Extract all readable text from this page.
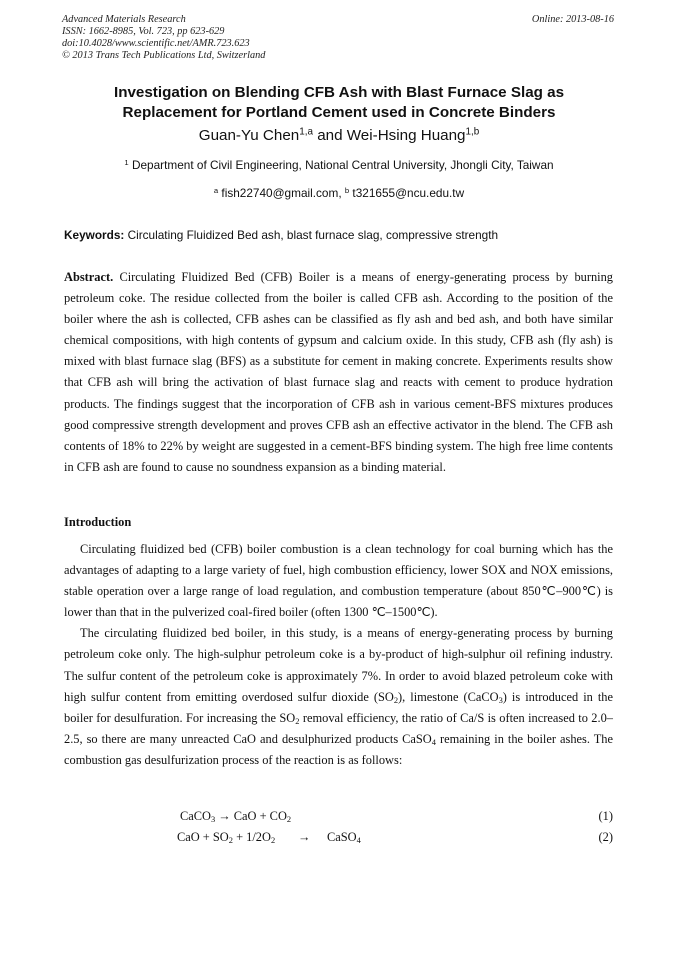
Advanced Materials Research
ISSN: 1662-8985, Vol. 723, pp 623-629
doi:10.4028/www.scientific.net/AMR.723.623
© 2013 Trans Tech Publications Ltd, Switzerland
Online: 2013-08-16
Investigation on Blending CFB Ash with Blast Furnace Slag as
Replacement for Portland Cement used in Concrete Binders
Guan-Yu Chen$^{1,a}$ and Wei-Hsing Huang$^{1,b}$
$^1$ Department of Civil Engineering, National Central University, Jhongli City, Taiwan
$^a$ fish22740@gmail.com, $^b$ t321655@ncu.edu.tw
Keywords: Circulating Fluidized Bed ash, blast furnace slag, compressive strength
Abstract. Circulating Fluidized Bed (CFB) Boiler is a means of energy-generating process by burning petroleum coke. The residue collected from the boiler is called CFB ash. According to the position of the boiler where the ash is collected, CFB ashes can be classified as fly ash and bed ash, and both have similar chemical compositions, with high contents of gypsum and calcium oxide. In this study, CFB ash (fly ash) is mixed with blast furnace slag (BFS) as a substitute for cement in making concrete. Experiments results show that CFB ash will bring the activation of blast furnace slag and reacts with cement to produce hydration products. The findings suggest that the incorporation of CFB ash in various cement-BFS mixtures produces good compressive strength development and proves CFB ash an effective activator in the blend. The CFB ash contents of 18% to 22% by weight are suggested in a cement-BFS binding system. The high free lime contents in CFB ash are found to cause no soundness expansion as a binding material.
Introduction

Circulating fluidized bed (CFB) boiler combustion is a clean technology for coal burning which has the advantages of adapting to a large variety of fuel, high combustion efficiency, lower SOX and NOX emissions, stable operation over a large range of load regulation, and combustion temperature (about 850℃–900℃) is lower than that in the pulverized coal-fired boiler (often 1300 ℃–1500℃).

The circulating fluidized bed boiler, in this study, is a means of energy-generating process by burning petroleum coke only. The high-sulphur petroleum coke is a by-product of high-sulphur oil refining industry. The sulfur content of the petroleum coke is approximately 7%. In order to avoid blazed petroleum coke with high sulfur content from emitting overdosed sulfur dioxide $(SO_2)$, limestone (CaCO$_3$) is introduced in the boiler for desulfuration. For increasing the $SO_2$ removal efficiency, the ratio of Ca/S is often increased to 2.0–2.5, so there are many unreacted CaO and desulphurized products CaSO$_4$ remaining in the boiler ashes. The combustion gas desulfurization process of the reaction is as follows:

CaCO$_3$ → CaO + $CO_2$	(1)
CaO + $SO_2 + 1/2O_2$ → CaSO$_4$	(2)
